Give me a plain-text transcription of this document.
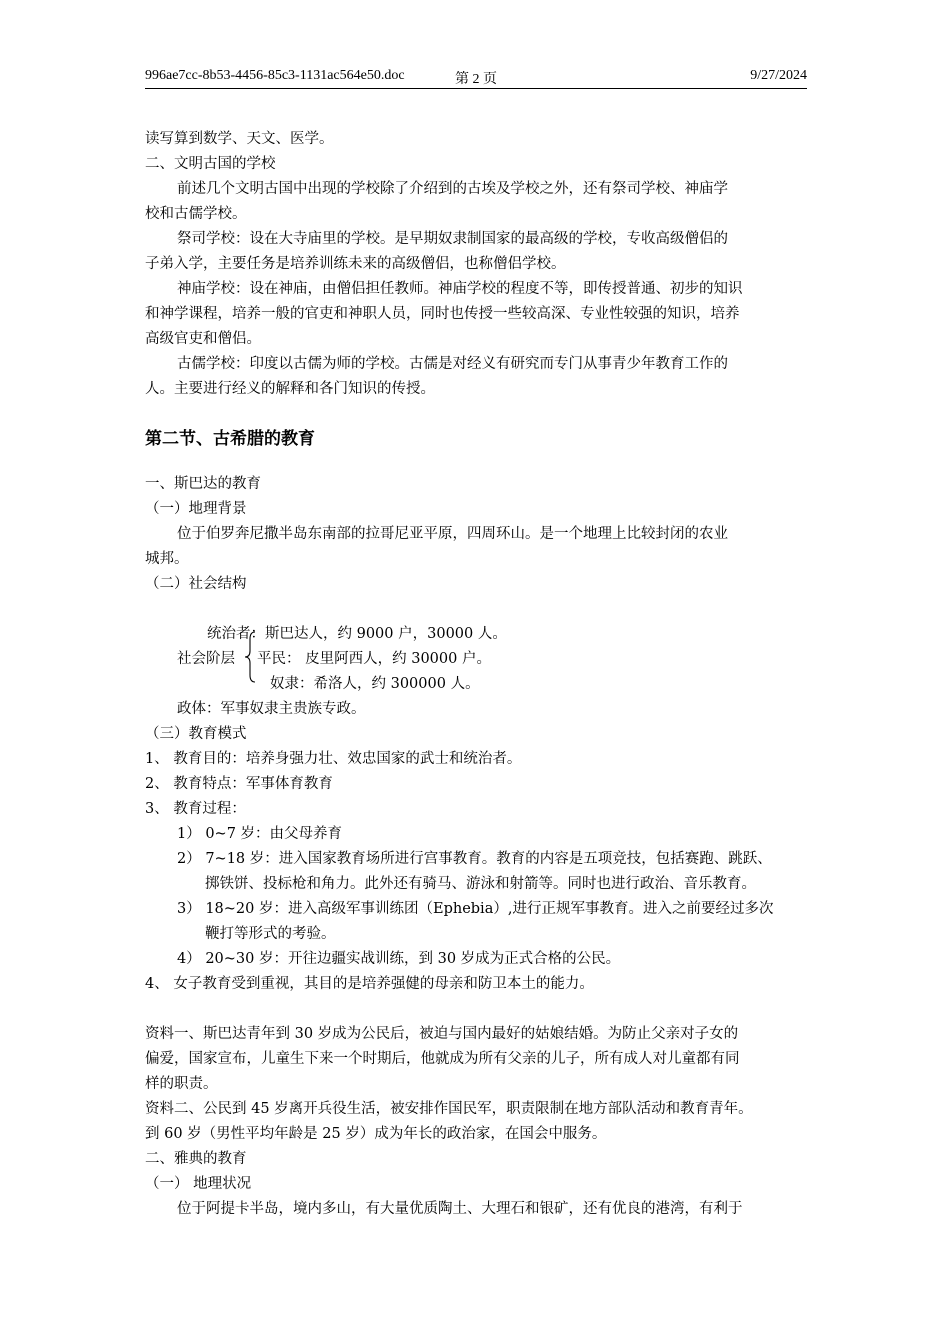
996ae7cc-8b53-4456-85c3-1131ac564e50.doc	第 2 页	9/27/2024
读写算到数学、天文、医学。
二、文明古国的学校
前述几个文明古国中出现的学校除了介绍到的古埃及学校之外，还有祭司学校、神庙学
校和古儒学校。
祭司学校：设在大寺庙里的学校。是早期奴隶制国家的最高级的学校，专收高级僧侣的
子弟入学，主要任务是培养训练未来的高级僧侣，也称僧侣学校。
神庙学校：设在神庙，由僧侣担任教师。神庙学校的程度不等，即传授普通、初步的知识
和神学课程，培养一般的官吏和神职人员，同时也传授一些较高深、专业性较强的知识，培养
高级官吏和僧侣。
古儒学校：印度以古儒为师的学校。古儒是对经义有研究而专门从事青少年教育工作的
人。主要进行经义的解释和各门知识的传授。
第二节、古希腊的教育
一、斯巴达的教育
（一）地理背景
位于伯罗奔尼撒半岛东南部的拉哥尼亚平原，四周环山。是一个地理上比较封闭的农业
城邦。
（二）社会结构
统治者：斯巴达人，约 9000 户，30000 人。
社会阶层 平民： 皮里阿西人，约 30000 户。
奴隶：希洛人，约 300000 人。
政体：军事奴隶主贵族专政。
（三）教育模式
1、 教育目的：培养身强力壮、效忠国家的武士和统治者。
2、 教育特点：军事体育教育
3、 教育过程：
1） 0~7 岁：由父母养育
2） 7~18 岁：进入国家教育场所进行宫事教育。教育的内容是五项竞技，包括赛跑、跳跃、
掷铁饼、投标枪和角力。此外还有骑马、游泳和射箭等。同时也进行政治、音乐教育。
3） 18~20 岁：进入高级军事训练团（Ephebia）,进行正规军事教育。进入之前要经过多次
鞭打等形式的考验。
4） 20~30 岁：开往边疆实战训练，到 30 岁成为正式合格的公民。
4、 女子教育受到重视，其目的是培养强健的母亲和防卫本土的能力。
资料一、斯巴达青年到 30 岁成为公民后，被迫与国内最好的姑娘结婚。为防止父亲对子女的
偏爱，国家宣布，儿童生下来一个时期后，他就成为所有父亲的儿子，所有成人对儿童都有同
样的职责。
资料二、公民到 45 岁离开兵役生活，被安排作国民军，职责限制在地方部队活动和教育青年。
到 60 岁（男性平均年龄是 25 岁）成为年长的政治家，在国会中服务。
二、雅典的教育
（一） 地理状况
位于阿提卡半岛，境内多山，有大量优质陶土、大理石和银矿，还有优良的港湾，有利于
